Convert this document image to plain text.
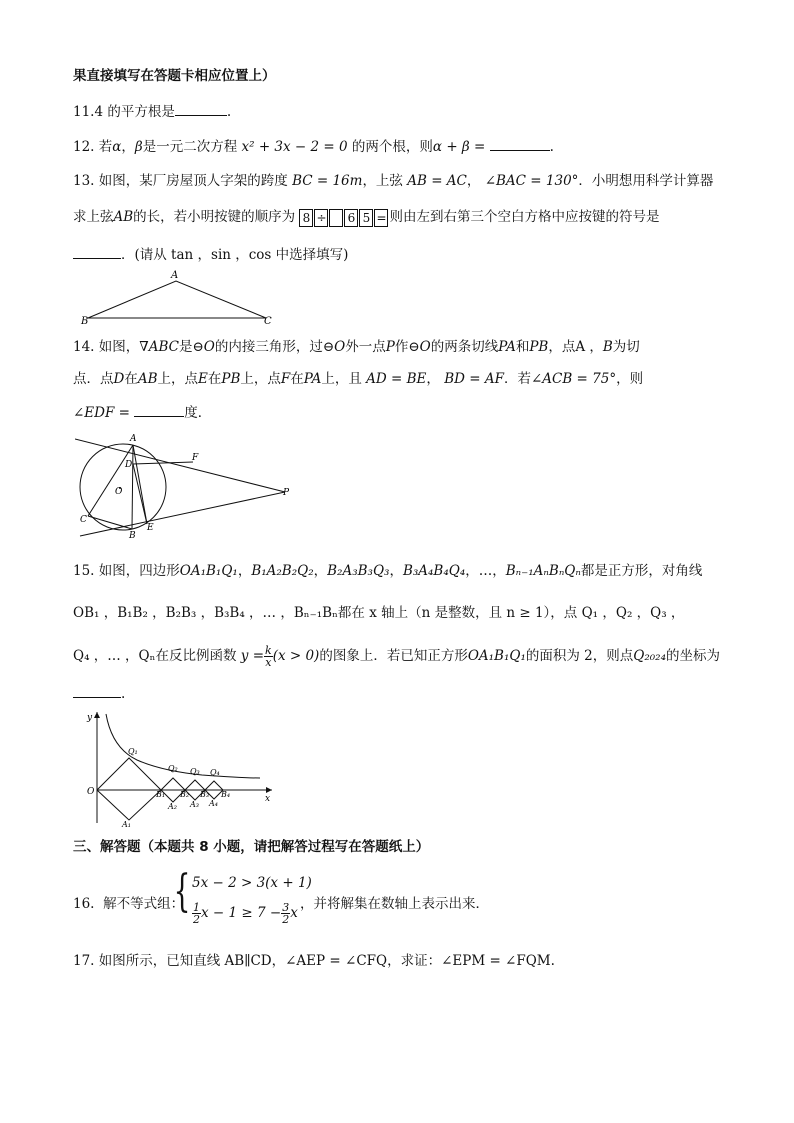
果直接填写在答题卡相应位置上）
11.4 的平方根是	.
12. 若α，β是一元二次方程 x² + 3x − 2 = 0 的两个根，则α + β =	.
13. 如图，某厂房屋顶人字架的跨度 BC = 16m，上弦 AB = AC， ∠BAC = 130°．小明想用科学计算器
求上弦AB的长，若小明按键的顺序为 8 ÷ 6 5 = 则由左到右第三个空白方格中应按键的符号是
．(请从 tan ，sin ，cos 中选择填写)
A
B	C
14. 如图，∇ABC是⊖O的内接三角形，过⊖O外一点P作⊖O的两条切线PA和PB，点A ，B为切
点．点D在AB上，点E在PB上，点F在PA上，且 AD = BE， BD = AF．若∠ACB = 75°，则
∠EDF =	度．
A
D
F
O	P
C
B
E
15. 如图，四边形OA₁B₁Q₁，B₁A₂B₂Q₂，B₂A₃B₃Q₃，B₃A₄B₄Q₄，…，Bₙ₋₁AₙBₙQₙ都是正方形，对角线
OB₁ ，B₁B₂ ，B₂B₃ ，B₃B₄ ，… ，Bₙ₋₁Bₙ都在 x 轴上（n 是整数，且 n ≥ 1），点 Q₁ ，Q₂ ，Q₃ ，
Q₄ ，… ，Qₙ在反比例函数 $y = \frac{k}{x} (x > 0)$的图象上．若已知正方形OA₁B₁Q₁的面积为 2，则点Q₂₀₂₄的坐标为
.
y
x
O
Q₁
Q₂ Q₃ Q₄
B₁ B₂ B₃ B₄
A₁
A₂ A₃ A₄
三、解答题（本题共 8 小题，请把解答过程写在答题纸上）
16. 解不等式组：
{ 5x − 2 > 3(x + 1)
$\frac{1}{2}$ $x - 1 \ge 7 - \frac{3}{2}$ x
，并将解集在数轴上表示出来．
17. 如图所示，已知直线 AB∥CD，∠AEP = ∠CFQ，求证：∠EPM = ∠FQM.
